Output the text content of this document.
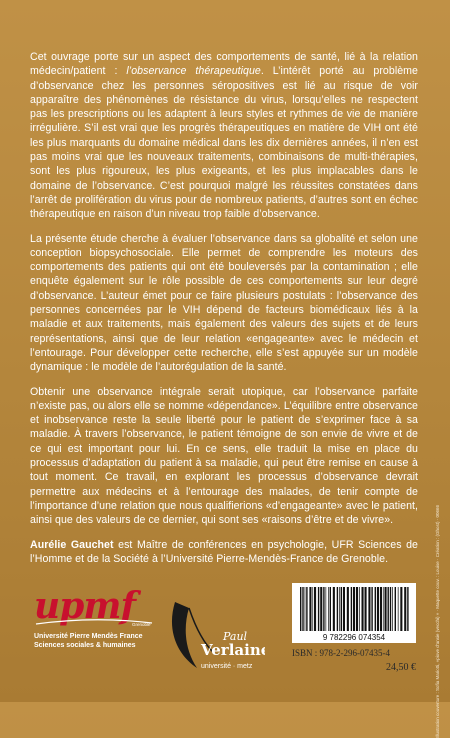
Cet ouvrage porte sur un aspect des comportements de santé, lié à la relation médecin/patient : l’observance thérapeutique. L’intérêt porté au problème d’observance chez les personnes séropositives est lié au risque de voir apparaître des phénomènes de résistance du virus, lorsqu’elles ne respectent pas les prescriptions ou les adaptent à leurs styles et rythmes de vie de manière irrégulière. S’il est vrai que les progrès thérapeutiques en matière de VIH ont été les plus marquants du domaine médical dans les dix dernières années, il n’en est pas moins vrai que les nouveaux traitements, combinaisons de multi-thérapies, sont les plus rigoureux, les plus exigeants, et les plus implacables dans le domaine de l’observance. C’est pourquoi malgré les réussites constatées dans l’arrêt de prolifération du virus pour de nombreux patients, d’autres sont en échec thérapeutique en raison d’un niveau trop faible d’observance.

La présente étude cherche à évaluer l’observance dans sa globalité et selon une conception biopsychosociale. Elle permet de comprendre les moteurs des comportements des patients qui ont été bouleversés par la contamination ; elle enquête également sur le rôle possible de ces comportements sur leur degré d’observance. L’auteur émet pour ce faire plusieurs postulats : l’observance des personnes concernées par le VIH dépend de facteurs biomédicaux liés à la maladie et aux traitements, mais également des valeurs des sujets et de leurs représentations, ainsi que de leur relation «engageante» avec le médecin et l’entourage. Pour développer cette recherche, elle s’est appuyée sur un modèle dynamique : le modèle de l’autorégulation de la santé.

Obtenir une observance intégrale serait utopique, car l’observance parfaite n’existe pas, ou alors elle se nomme «dépendance». L’équilibre entre observance et inobservance reste la seule liberté pour le patient de s’exprimer face à sa maladie. À travers l’observance, le patient témoigne de son envie de vivre et de ce qui est important pour lui. En ce sens, elle traduit la mise en place du processus d’adaptation du patient à sa maladie, qui peut être remise en cause à tout moment. Ce travail, en explorant les processus d’observance devrait permettre aux médecins et à l’entourage des malades, de tenir compte de l’importance d’une relation que nous qualifierions «d’engageante» avec le patient, ainsi que des valeurs de ce dernier, qui sont ses «raisons d’être et de vivre».

Aurélie Gauchet est Maître de conférences en psychologie, UFR Sciences de l’Homme et de la Société à l’Université Pierre-Mendès-France de Grenoble.	Illustration couverture : Sofia Mariotti, «piove d’ansie (vecchi) » · Maquette couv. : Louise · Création : (Ghost) · 00666
upmf
Grenoble
Université Pierre Mendès France
Sciences sociales & humaines
Paul
Verlaine
université · metz
9 782296 074354
ISBN : 978-2-296-07435-4
24,50 €
